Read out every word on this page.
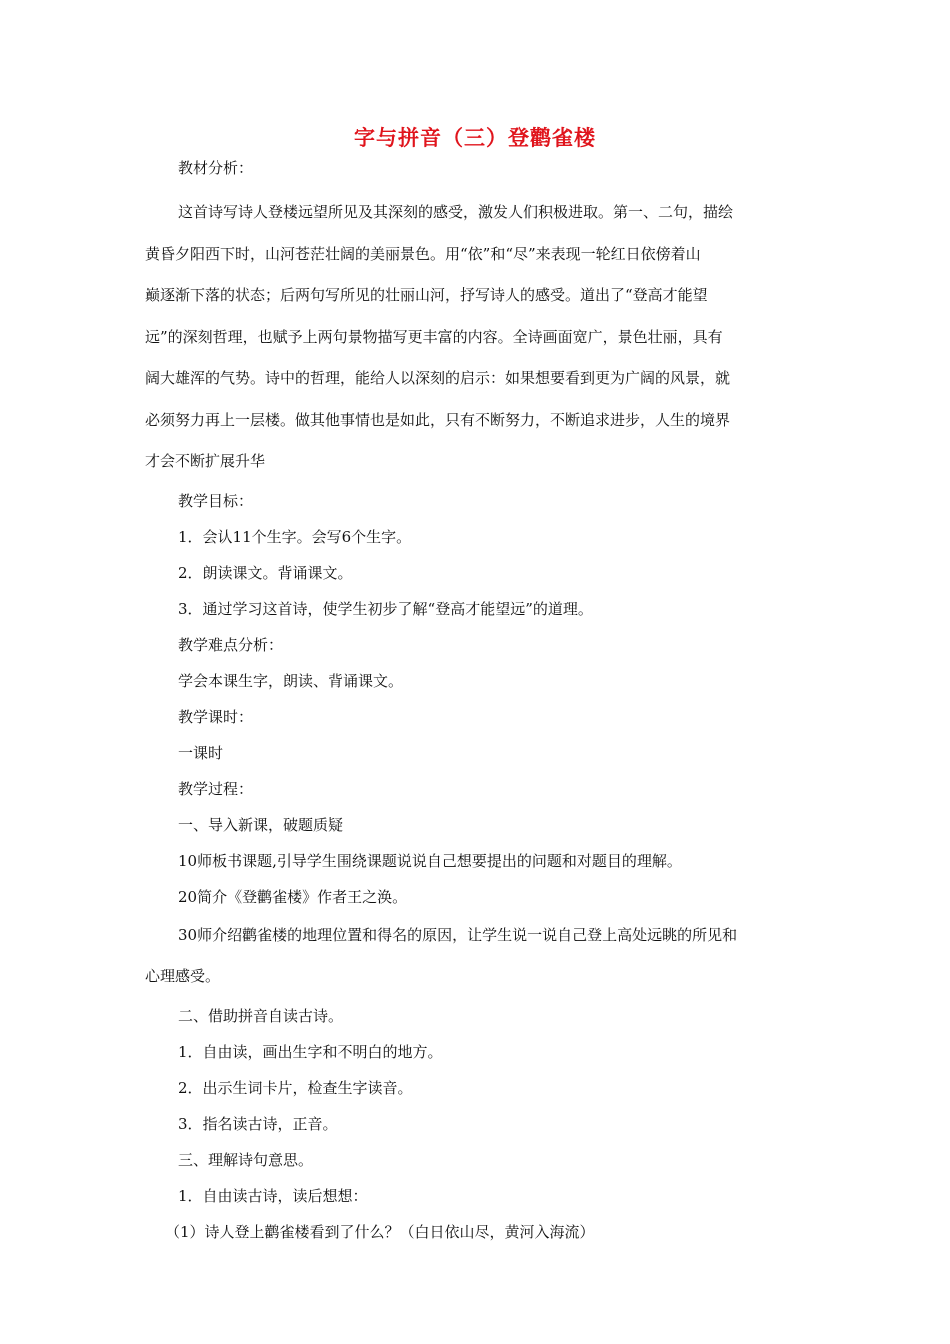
字与拼音（三）登鹳雀楼

教材分析：

这首诗写诗人登楼远望所见及其深刻的感受，激发人们积极进取。第一、二句，描绘
黄昏夕阳西下时，山河苍茫壮阔的美丽景色。用“依”和“尽”来表现一轮红日依傍着山
巅逐渐下落的状态；后两句写所见的壮丽山河，抒写诗人的感受。道出了“登高才能望
远”的深刻哲理，也赋予上两句景物描写更丰富的内容。全诗画面宽广，景色壮丽，具有
阔大雄浑的气势。诗中的哲理，能给人以深刻的启示：如果想要看到更为广阔的风景，就
必须努力再上一层楼。做其他事情也是如此，只有不断努力，不断追求进步，人生的境界
才会不断扩展升华

教学目标：

1．会认11个生字。会写6个生字。

2．朗读课文。背诵课文。

3．通过学习这首诗，使学生初步了解“登高才能望远”的道理。

教学难点分析：

学会本课生字，朗读、背诵课文。

教学课时：

一课时

教学过程：

一、导入新课，破题质疑

10师板书课题,引导学生围绕课题说说自己想要提出的问题和对题目的理解。

20简介《登鹳雀楼》作者王之涣。

30师介绍鹳雀楼的地理位置和得名的原因，让学生说一说自己登上高处远眺的所见和
心理感受。

二、借助拼音自读古诗。

1．自由读，画出生字和不明白的地方。

2．出示生词卡片，检查生字读音。

3．指名读古诗，正音。

三、理解诗句意思。

1．自由读古诗，读后想想：

（1）诗人登上鹳雀楼看到了什么？（白日依山尽，黄河入海流）
